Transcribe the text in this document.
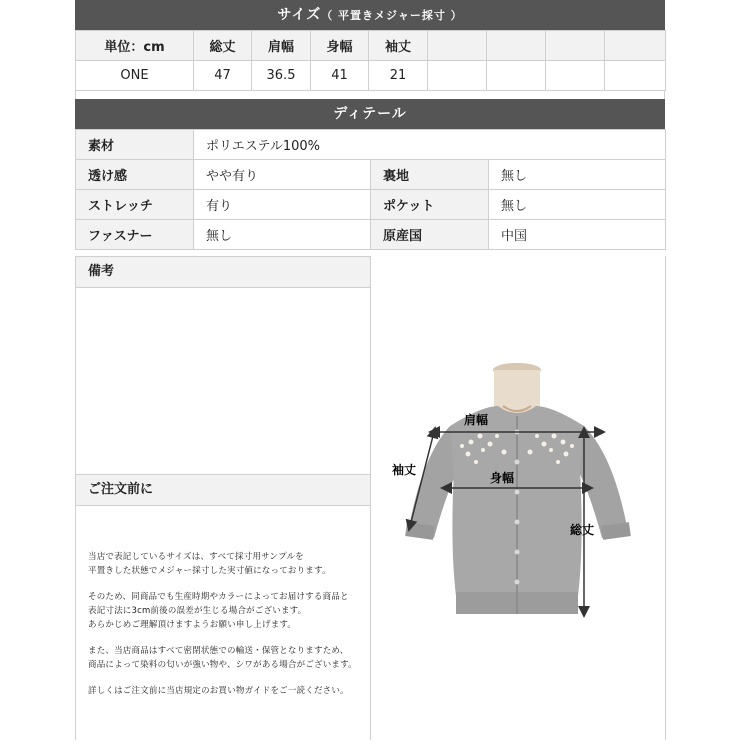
サイズ（ 平置きメジャー採寸 ）
単位：cm	総丈	肩幅	身幅	袖丈				
ONE	47	36.5	41	21				
ディテール
素材	ポリエステル100%		
透け感	やや有り	裏地	無し
ストレッチ	有り	ポケット	無し
ファスナー	無し	原産国	中国
備考
ご注文前に

当店で表記しているサイズは、すべて採寸用サンプルを
平置きした状態でメジャー採寸した実寸値になっております。

そのため、同商品でも生産時期やカラーによってお届けする商品と
表記寸法に3cm前後の誤差が生じる場合がございます。
あらかじめご理解頂けますようお願い申し上げます。

また、当店商品はすべて密閉状態での輸送・保管となりますため、
商品によって染料の匂いが強い物や、シワがある場合がございます。

詳しくはご注文前に当店規定のお買い物ガイドをご一読ください。

肩幅
袖丈
身幅
総丈
